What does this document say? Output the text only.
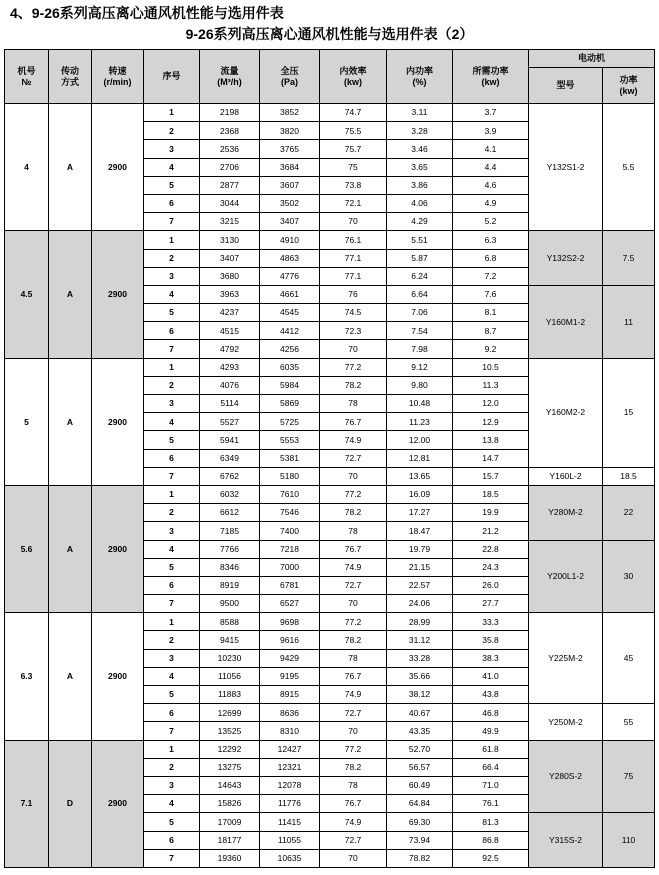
4、9-26系列高压离心通风机性能与选用件表
9-26系列高压离心通风机性能与选用件表（2）
机号
№	传动
方式	转速
(r/min)	序号	流量
(M³/h)	全压
(Pa)	内效率
(kw)	内功率
(%)	所需功率
(kw)	电动机	
									型号	功率
(kw)

4	A	2900	1	2198	3852	74.7	3.11	3.7	Y132S1-2	5.5
			2	2368	3820	75.5	3.28	3.9		
			3	2536	3765	75.7	3.46	4.1		
			4	2706	3684	75	3.65	4.4		
			5	2877	3607	73.8	3.86	4.6		
			6	3044	3502	72.1	4.06	4.9		
			7	3215	3407	70	4.29	5.2		
4.5	A	2900	1	3130	4910	76.1	5.51	6.3	Y132S2-2	7.5
			2	3407	4863	77.1	5.87	6.8		
			3	3680	4776	77.1	6.24	7.2		
			4	3963	4661	76	6.64	7.6	Y160M1-2	11
			5	4237	4545	74.5	7.06	8.1		
			6	4515	4412	72.3	7.54	8.7		
			7	4792	4256	70	7.98	9.2		
5	A	2900	1	4293	6035	77.2	9.12	10.5	Y160M2-2	15
			2	4076	5984	78.2	9.80	11.3		
			3	5114	5869	78	10.48	12.0		
			4	5527	5725	76.7	11.23	12.9		
			5	5941	5553	74.9	12.00	13.8		
			6	6349	5381	72.7	12.81	14.7		
			7	6762	5180	70	13.65	15.7	Y160L-2	18.5
5.6	A	2900	1	6032	7610	77.2	16.09	18.5	Y280M-2	22
			2	6612	7546	78.2	17.27	19.9		
			3	7185	7400	78	18.47	21.2		
			4	7766	7218	76.7	19.79	22.8	Y200L1-2	30
			5	8346	7000	74.9	21.15	24.3		
			6	8919	6781	72.7	22.57	26.0		
			7	9500	6527	70	24.06	27.7		
6.3	A	2900	1	8588	9698	77.2	28.99	33.3	Y225M-2	45
			2	9415	9616	78.2	31.12	35.8		
			3	10230	9429	78	33.28	38.3		
			4	11056	9195	76.7	35.66	41.0		
			5	11883	8915	74.9	38.12	43.8		
			6	12699	8636	72.7	40.67	46.8	Y250M-2	55
			7	13525	8310	70	43.35	49.9		
7.1	D	2900	1	12292	12427	77.2	52.70	61.8	Y280S-2	75
			2	13275	12321	78.2	56.57	66.4		
			3	14643	12078	78	60.49	71.0		
			4	15826	11776	76.7	64.84	76.1		
			5	17009	11415	74.9	69.30	81.3	Y315S-2	110
			6	18177	11055	72.7	73.94	86.8		
			7	19360	10635	70	78.82	92.5		
